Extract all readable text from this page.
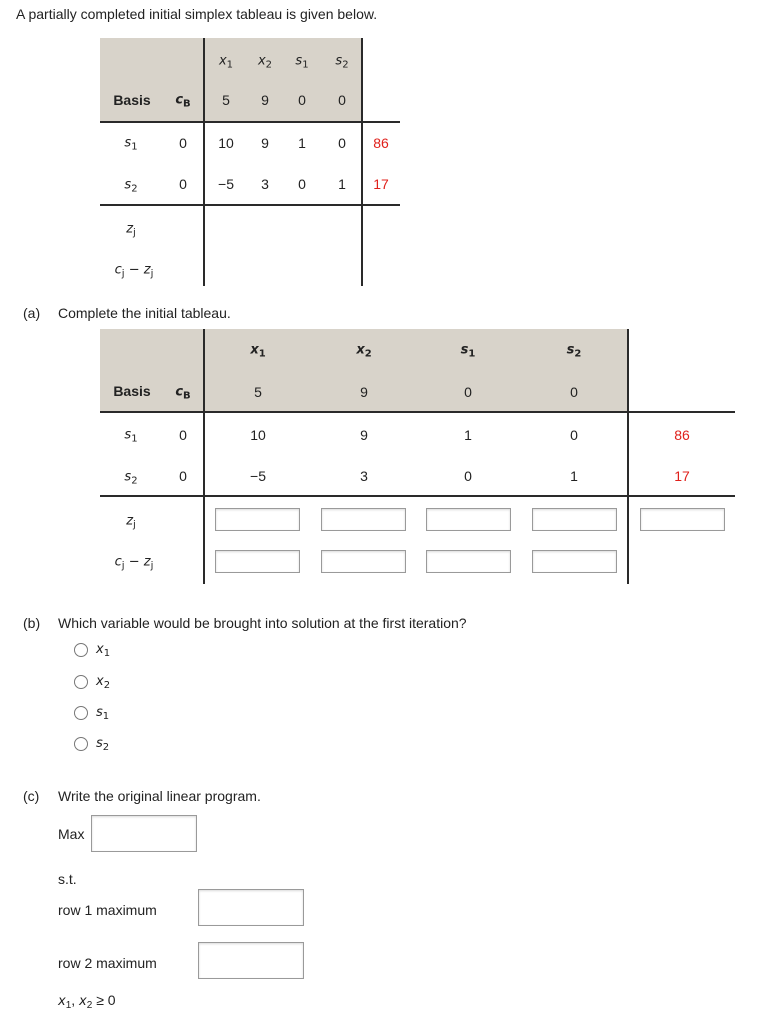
A partially completed initial simplex tableau is given below.
$x_1$ $x_2$ $s_1$ $s_2$
Basis $c_B$ 5 9 0 0
$s_1$	0 10 9 1 0 86
$s_2$	0 −5 3 0 1 17
$z_j$
$c_j - z_j$
(a) Complete the initial tableau.
$x_1$	$x_2$	$s_1$	$s_2$
Basis $c_B$	5	9	0	0
$s_1$	0	10	9	1	0	86
$s_2$	0	−5	3	0	1	17
$z_j$
$c_j - z_j$
(b) Which variable would be brought into solution at the first iteration?
$x_1$
$x_2$
$s_1$
$s_2$
(c) Write the original linear program.
Max
s.t.
row 1 maximum
row 2 maximum
$x_1$, $x_2 \ge 0$
